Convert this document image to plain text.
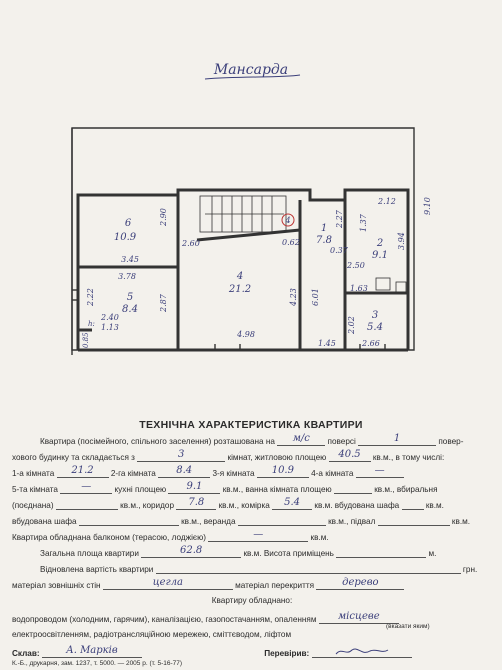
Мансарда
4
6
10.9
5
8.4
4
21.2
1
7.8	2
9.1
3
5.4
2.90
3.45
3.78
2.60	0.62
2.22	2.87
h:
2.40
1.13
0.85	4.98
4.23 6.01
2.27
0.37
1.37
2.12	9.10
3.94
2.50
1.63
2.02
1.45	2.66
ТЕХНІЧНА ХАРАКТЕРИСТИКА КВАРТИРИ
Квартира (посімейного, спільного заселення) розташована на м/с поверсі	1	повер-
хового будинку та складається з	3	кімнат, житловою площею 40.5 кв.м., в тому числі:
1-а кімната 21.2 2-га кімната 8.4 3-я кімната 10.9 4-а кімната —
5-та кімната —	кухні площею 9.1 кв.м., ванна кімната площею	кв.м., вбиральня
(поєднана)	кв.м., коридор 7.8 кв.м., комірка 5.4 кв.м. вбудована шафа	кв.м.
вбудована шафа	кв.м., веранда	кв.м., підвал	кв.м.
Квартира обладнана балконом (терасою, лоджією)	—	кв.м.
Загальна площа квартири	62.8	кв.м. Висота приміщень	м.
Відновлена вартість квартири	грн.
матеріал зовнішніх стін	цегла	матеріал перекриття	дерево
Квартиру обладнано:
водопроводом (холодним, гарячим), каналізацією, газопостачанням, опаленням місцеве
(вказати яким)
електроосвітленням, радіотрансляційною мережею, сміттєводом, ліфтом
Склав:	А. Марків	Перевірив:
К.-Б., друкарня, зам. 1237, т. 5000. — 2005 р. (т. 5-16-77)
